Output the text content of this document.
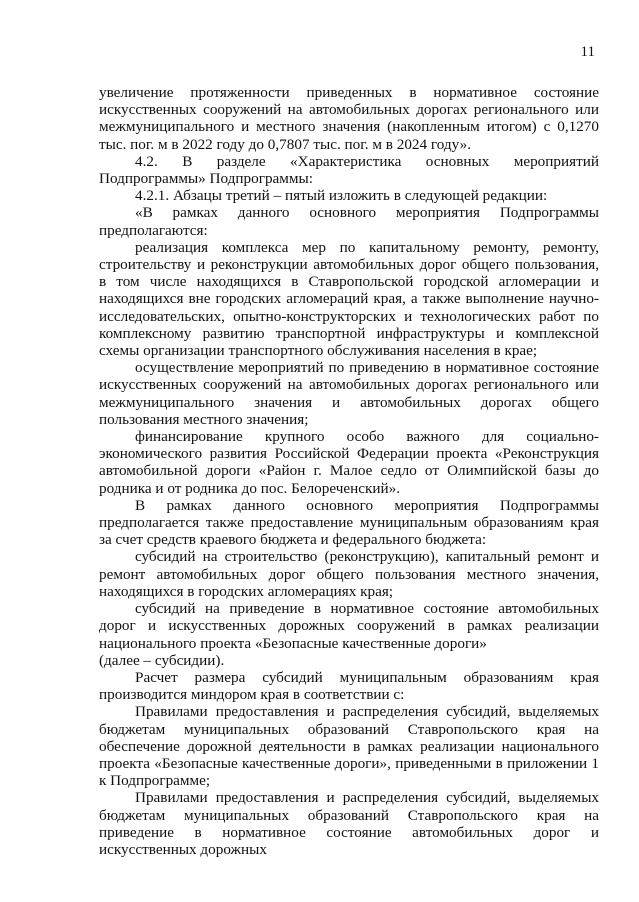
11

увеличение протяженности приведенных в нормативное состояние искусственных сооружений на автомобильных дорогах регионального или межмуниципального и местного значения (накопленным итогом) с 0,1270 тыс. пог. м в 2022 году до 0,7807 тыс. пог. м в 2024 году».

4.2. В разделе «Характеристика основных мероприятий Подпрограммы» Подпрограммы:

4.2.1. Абзацы третий – пятый изложить в следующей редакции:

«В рамках данного основного мероприятия Подпрограммы предполагаются:

реализация комплекса мер по капитальному ремонту, ремонту, строительству и реконструкции автомобильных дорог общего пользования, в том числе находящихся в Ставропольской городской агломерации и находящихся вне городских агломераций края, а также выполнение научно-исследовательских, опытно-конструкторских и технологических работ по комплексному развитию транспортной инфраструктуры и комплексной схемы организации транспортного обслуживания населения в крае;

осуществление мероприятий по приведению в нормативное состояние искусственных сооружений на автомобильных дорогах регионального или межмуниципального значения и автомобильных дорогах общего пользования местного значения;

финансирование крупного особо важного для социально-экономического развития Российской Федерации проекта «Реконструкция автомобильной дороги «Район г. Малое седло от Олимпийской базы до родника и от родника до пос. Белореченский».

В рамках данного основного мероприятия Подпрограммы предполагается также предоставление муниципальным образованиям края за счет средств краевого бюджета и федерального бюджета:

субсидий на строительство (реконструкцию), капитальный ремонт и ремонт автомобильных дорог общего пользования местного значения, находящихся в городских агломерациях края;

субсидий на приведение в нормативное состояние автомобильных дорог и искусственных дорожных сооружений в рамках реализации национального проекта «Безопасные качественные дороги»

(далее – субсидии).

Расчет размера субсидий муниципальным образованиям края производится миндором края в соответствии с:

Правилами предоставления и распределения субсидий, выделяемых бюджетам муниципальных образований Ставропольского края на обеспечение дорожной деятельности в рамках реализации национального проекта «Безопасные качественные дороги», приведенными в приложении 1 к Подпрограмме;

Правилами предоставления и распределения субсидий, выделяемых бюджетам муниципальных образований Ставропольского края на приведение в нормативное состояние автомобильных дорог и искусственных дорожных
